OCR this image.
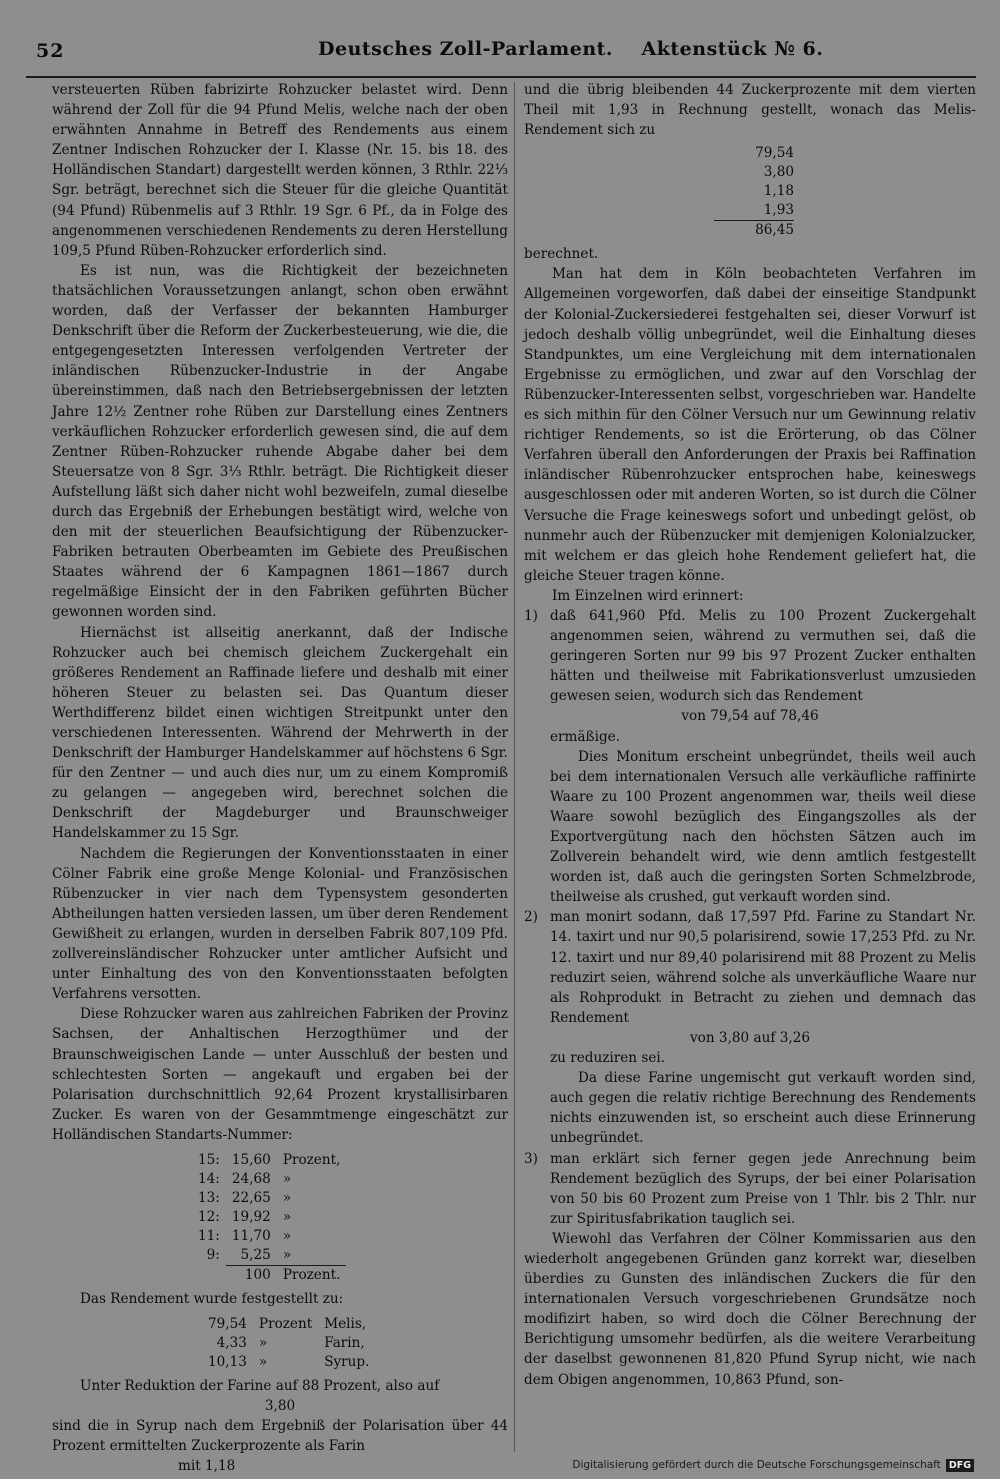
52	Deutsches Zoll-Parlament.    Aktenstück № 6.

versteuerten Rüben fabrizirte Rohzucker belastet wird. Denn während der Zoll für die 94 Pfund Melis, welche nach der oben erwähnten Annahme in Betreff des Rendements aus einem Zentner Indischen Rohzucker der I. Klasse (Nr. 15. bis 18. des Holländischen Standart) dargestellt werden können, 3 Rthlr. 22⅓ Sgr. beträgt, berechnet sich die Steuer für die gleiche Quantität (94 Pfund) Rübenmelis auf 3 Rthlr. 19 Sgr. 6 Pf., da in Folge des angenommenen verschiedenen Rendements zu deren Herstellung 109,5 Pfund Rüben-Rohzucker erforderlich sind.

Es ist nun, was die Richtigkeit der bezeichneten thatsächlichen Voraussetzungen anlangt, schon oben erwähnt worden, daß der Verfasser der bekannten Hamburger Denkschrift über die Reform der Zuckerbesteuerung, wie die, die entgegengesetzten Interessen verfolgenden Vertreter der inländischen Rübenzucker-Industrie in der Angabe übereinstimmen, daß nach den Betriebsergebnissen der letzten Jahre 12½ Zentner rohe Rüben zur Darstellung eines Zentners verkäuflichen Rohzucker erforderlich gewesen sind, die auf dem Zentner Rüben-Rohzucker ruhende Abgabe daher bei dem Steuersatze von 8 Sgr. 3⅓ Rthlr. beträgt. Die Richtigkeit dieser Aufstellung läßt sich daher nicht wohl bezweifeln, zumal dieselbe durch das Ergebniß der Erhebungen bestätigt wird, welche von den mit der steuerlichen Beaufsichtigung der Rübenzucker-Fabriken betrauten Oberbeamten im Gebiete des Preußischen Staates während der 6 Kampagnen 1861—1867 durch regelmäßige Einsicht der in den Fabriken geführten Bücher gewonnen worden sind.

Hiernächst ist allseitig anerkannt, daß der Indische Rohzucker auch bei chemisch gleichem Zuckergehalt ein größeres Rendement an Raffinade liefere und deshalb mit einer höheren Steuer zu belasten sei. Das Quantum dieser Werthdifferenz bildet einen wichtigen Streitpunkt unter den verschiedenen Interessenten. Während der Mehrwerth in der Denkschrift der Hamburger Handelskammer auf höchstens 6 Sgr. für den Zentner — und auch dies nur, um zu einem Kompromiß zu gelangen — angegeben wird, berechnet solchen die Denkschrift der Magdeburger und Braunschweiger Handelskammer zu 15 Sgr.

Nachdem die Regierungen der Konventionsstaaten in einer Cölner Fabrik eine große Menge Kolonial- und Französischen Rübenzucker in vier nach dem Typensystem gesonderten Abtheilungen hatten versieden lassen, um über deren Rendement Gewißheit zu erlangen, wurden in derselben Fabrik 807,109 Pfd. zollvereinsländischer Rohzucker unter amtlicher Aufsicht und unter Einhaltung des von den Konventionsstaaten befolgten Verfahrens versotten.

Diese Rohzucker waren aus zahlreichen Fabriken der Provinz Sachsen, der Anhaltischen Herzogthümer und der Braunschweigischen Lande — unter Ausschluß der besten und schlechtesten Sorten — angekauft und ergaben bei der Polarisation durchschnittlich 92,64 Prozent krystallisirbaren Zucker. Es waren von der Gesammtmenge eingeschätzt zur Holländischen Standarts-Nummer:

15:	15,60	Prozent,
14:	24,68	»
13:	22,65	»
12:	19,92	»
11:	11,70	»
9:	5,25	»
	100	Prozent.

Das Rendement wurde festgestellt zu:

79,54	Prozent	Melis,
4,33	»	Farin,
10,13	»	Syrup.

Unter Reduktion der Farine auf 88 Prozent, also auf

3,80

sind die in Syrup nach dem Ergebniß der Polarisation über 44 Prozent ermittelten Zuckerprozente als Farin

mit 1,18

und die übrig bleibenden 44 Zuckerprozente mit dem vierten Theil mit 1,93 in Rechnung gestellt, wonach das Melis-Rendement sich zu

79,54
3,80
1,18
1,93
86,45

berechnet.

Man hat dem in Köln beobachteten Verfahren im Allgemeinen vorgeworfen, daß dabei der einseitige Standpunkt der Kolonial-Zuckersiederei festgehalten sei, dieser Vorwurf ist jedoch deshalb völlig unbegründet, weil die Einhaltung dieses Standpunktes, um eine Vergleichung mit dem internationalen Ergebnisse zu ermöglichen, und zwar auf den Vorschlag der Rübenzucker-Interessenten selbst, vorgeschrieben war. Handelte es sich mithin für den Cölner Versuch nur um Gewinnung relativ richtiger Rendements, so ist die Erörterung, ob das Cölner Verfahren überall den Anforderungen der Praxis bei Raffination inländischer Rübenrohzucker entsprochen habe, keineswegs ausgeschlossen oder mit anderen Worten, so ist durch die Cölner Versuche die Frage keineswegs sofort und unbedingt gelöst, ob nunmehr auch der Rübenzucker mit demjenigen Kolonialzucker, mit welchem er das gleich hohe Rendement geliefert hat, die gleiche Steuer tragen könne.

Im Einzelnen wird erinnert:

1) daß 641,960 Pfd. Melis zu 100 Prozent Zuckergehalt angenommen seien, während zu vermuthen sei, daß die geringeren Sorten nur 99 bis 97 Prozent Zucker enthalten hätten und theilweise mit Fabrikationsverlust umzusieden gewesen seien, wodurch sich das Rendement

von 79,54 auf 78,46

ermäßige.

Dies Monitum erscheint unbegründet, theils weil auch bei dem internationalen Versuch alle verkäufliche raffinirte Waare zu 100 Prozent angenommen war, theils weil diese Waare sowohl bezüglich des Eingangszolles als der Exportvergütung nach den höchsten Sätzen auch im Zollverein behandelt wird, wie denn amtlich festgestellt worden ist, daß auch die geringsten Sorten Schmelzbrode, theilweise als crushed, gut verkauft worden sind.

2) man monirt sodann, daß 17,597 Pfd. Farine zu Standart Nr. 14. taxirt und nur 90,5 polarisirend, sowie 17,253 Pfd. zu Nr. 12. taxirt und nur 89,40 polarisirend mit 88 Prozent zu Melis reduzirt seien, während solche als unverkäufliche Waare nur als Rohprodukt in Betracht zu ziehen und demnach das Rendement

von 3,80 auf 3,26

zu reduziren sei.

Da diese Farine ungemischt gut verkauft worden sind, auch gegen die relativ richtige Berechnung des Rendements nichts einzuwenden ist, so erscheint auch diese Erinnerung unbegründet.

3) man erklärt sich ferner gegen jede Anrechnung beim Rendement bezüglich des Syrups, der bei einer Polarisation von 50 bis 60 Prozent zum Preise von 1 Thlr. bis 2 Thlr. nur zur Spiritusfabrikation tauglich sei.

Wiewohl das Verfahren der Cölner Kommissarien aus den wiederholt angegebenen Gründen ganz korrekt war, dieselben überdies zu Gunsten des inländischen Zuckers die für den internationalen Versuch vorgeschriebenen Grundsätze noch modifizirt haben, so wird doch die Cölner Berechnung der Berichtigung umsomehr bedürfen, als die weitere Verarbeitung der daselbst gewonnenen 81,820 Pfund Syrup nicht, wie nach dem Obigen angenommen, 10,863 Pfund, son-

Digitalisierung gefördert durch die Deutsche Forschungsgemeinschaft DFG
